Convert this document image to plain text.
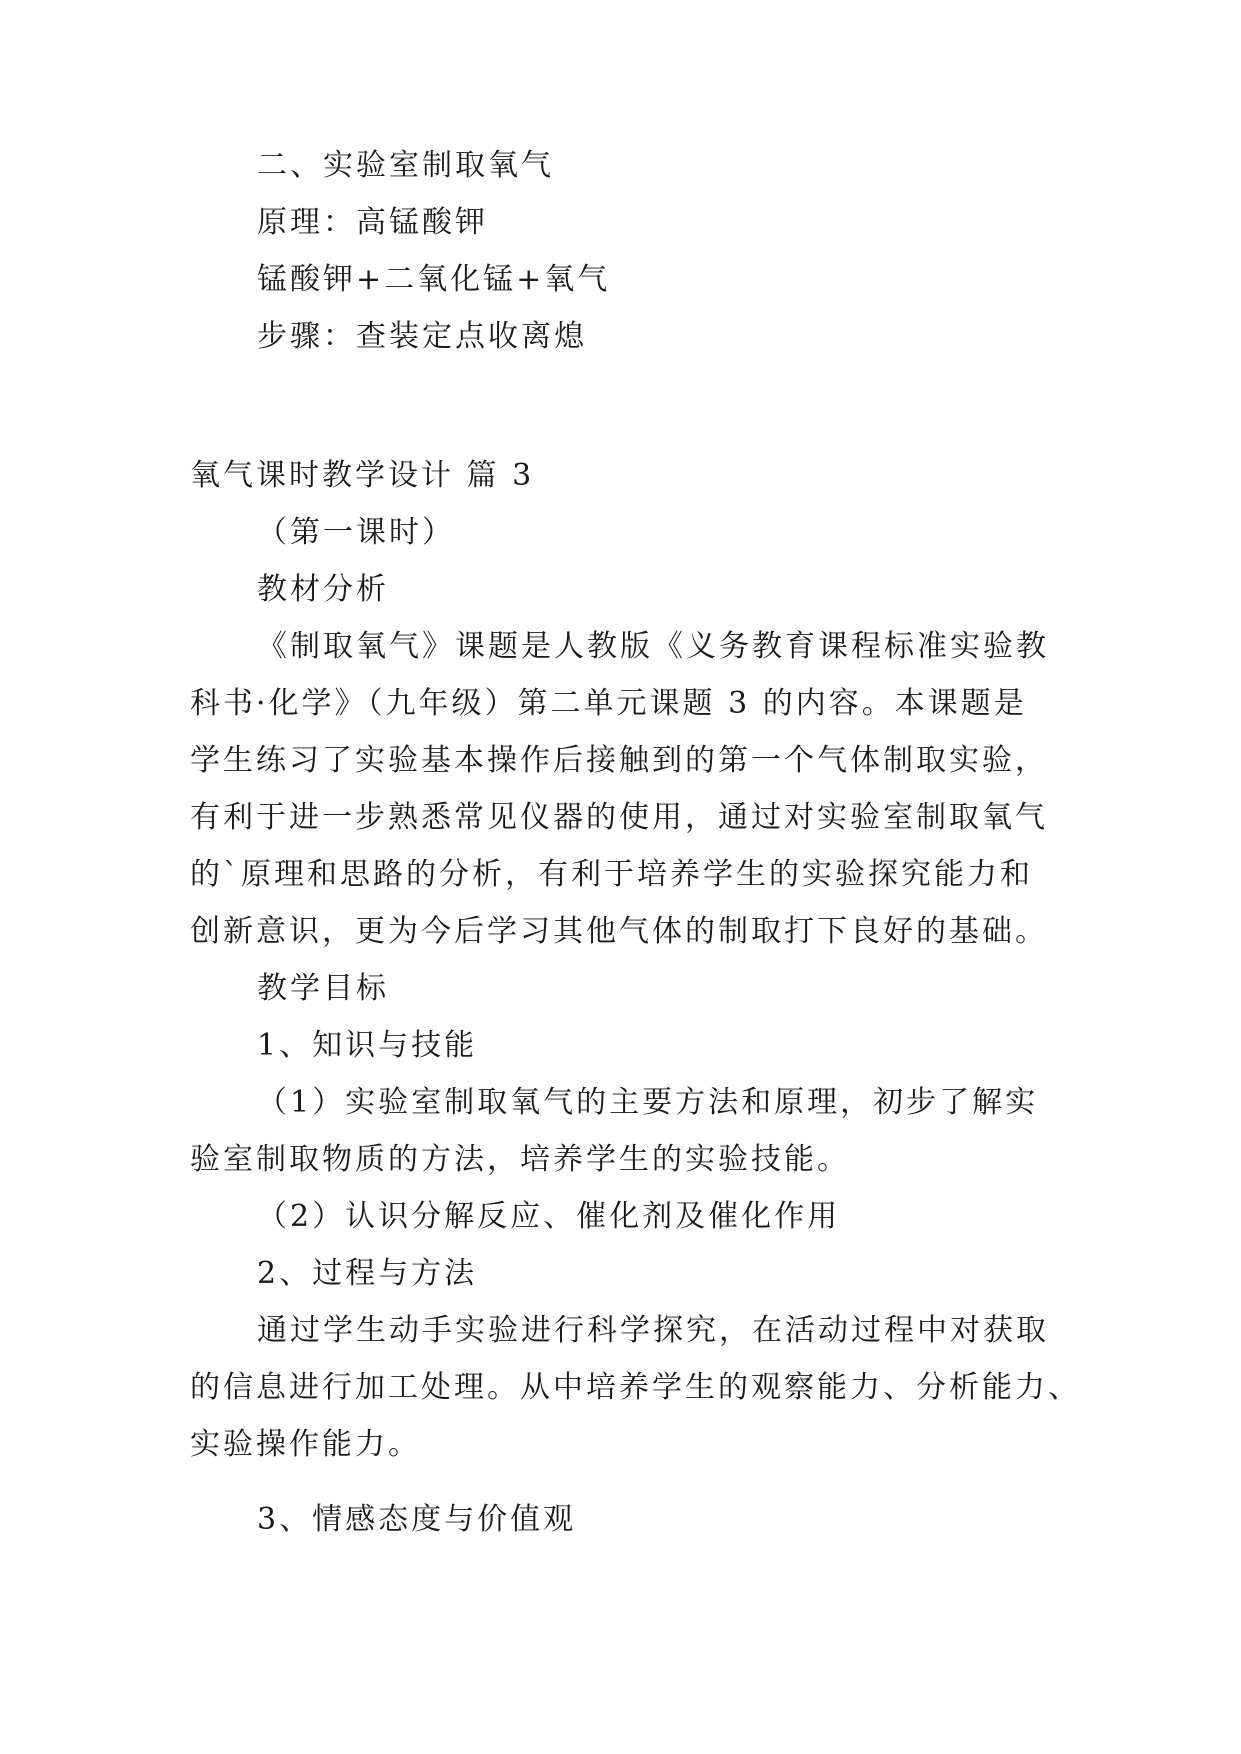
二、实验室制取氧气
原理：高锰酸钾
锰酸钾+二氧化锰+氧气
步骤：查装定点收离熄
氧气课时教学设计 篇 3
（第一课时）
教材分析
《制取氧气》课题是人教版《义务教育课程标准实验教
科书·化学》（九年级）第二单元课题 3 的内容。本课题是
学生练习了实验基本操作后接触到的第一个气体制取实验，
有利于进一步熟悉常见仪器的使用，通过对实验室制取氧气
的`原理和思路的分析，有利于培养学生的实验探究能力和
创新意识，更为今后学习其他气体的制取打下良好的基础。
教学目标
1、知识与技能
（1）实验室制取氧气的主要方法和原理，初步了解实
验室制取物质的方法，培养学生的实验技能。
（2）认识分解反应、催化剂及催化作用
2、过程与方法
通过学生动手实验进行科学探究，在活动过程中对获取
的信息进行加工处理。从中培养学生的观察能力、分析能力、
实验操作能力。
3、情感态度与价值观
